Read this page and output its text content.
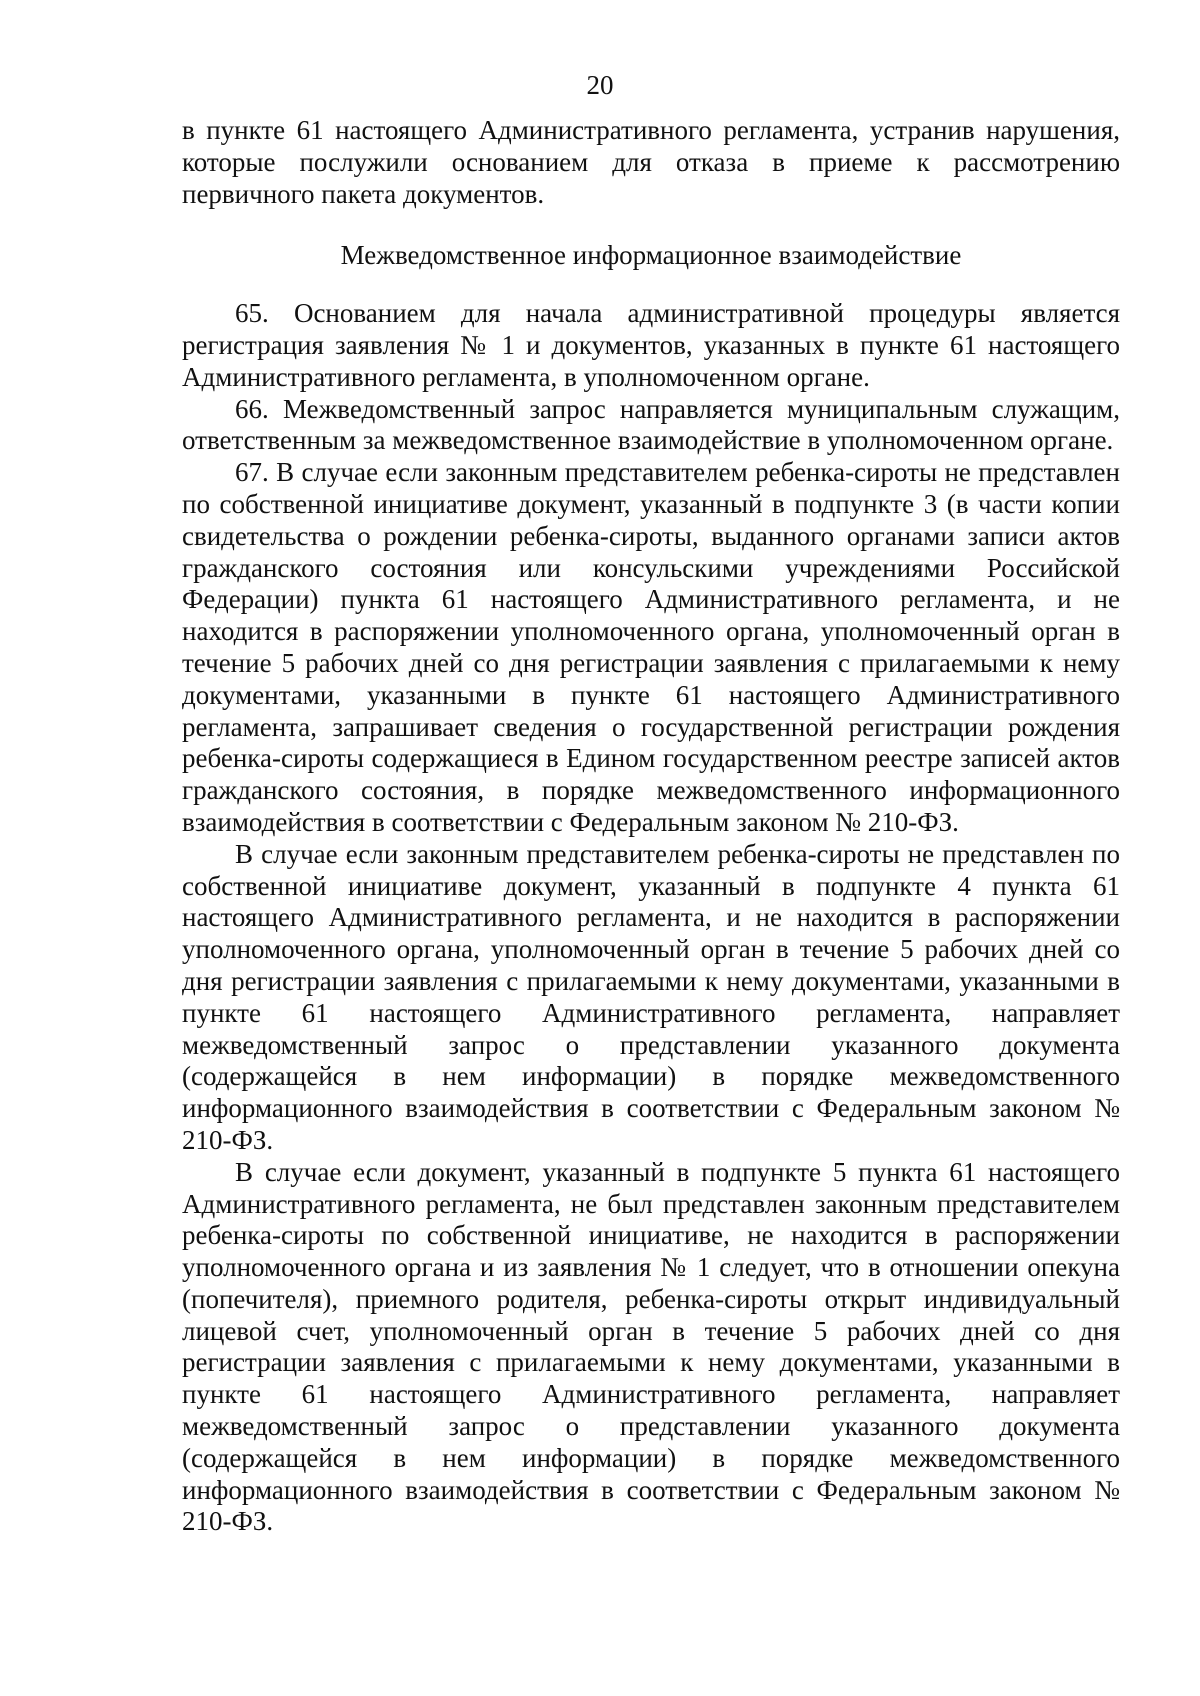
20

в пункте 61 настоящего Административного регламента, устранив нарушения, которые послужили основанием для отказа в приеме к рассмотрению первичного пакета документов.

Межведомственное информационное взаимодействие

65. Основанием для начала административной процедуры является регистрация заявления № 1 и документов, указанных в пункте 61 настоящего Административного регламента, в уполномоченном органе.

66. Межведомственный запрос направляется муниципальным служащим, ответственным за межведомственное взаимодействие в уполномоченном органе.

67. В случае если законным представителем ребенка-сироты не представлен по собственной инициативе документ, указанный в подпункте 3 (в части копии свидетельства о рождении ребенка-сироты, выданного органами записи актов гражданского состояния или консульскими учреждениями Российской Федерации) пункта 61 настоящего Административного регламента, и не находится в распоряжении уполномоченного органа, уполномоченный орган в течение 5 рабочих дней со дня регистрации заявления с прилагаемыми к нему документами, указанными в пункте 61 настоящего Административного регламента, запрашивает сведения о государственной регистрации рождения ребенка-сироты содержащиеся в Едином государственном реестре записей актов гражданского состояния, в порядке межведомственного информационного взаимодействия в соответствии с Федеральным законом № 210-ФЗ.

В случае если законным представителем ребенка-сироты не представлен по собственной инициативе документ, указанный в подпункте 4 пункта 61 настоящего Административного регламента, и не находится в распоряжении уполномоченного органа, уполномоченный орган в течение 5 рабочих дней со дня регистрации заявления с прилагаемыми к нему документами, указанными в пункте 61 настоящего Административного регламента, направляет межведомственный запрос о представлении указанного документа (содержащейся в нем информации) в порядке межведомственного информационного взаимодействия в соответствии с Федеральным законом № 210-ФЗ.

В случае если документ, указанный в подпункте 5 пункта 61 настоящего Административного регламента, не был представлен законным представителем ребенка-сироты по собственной инициативе, не находится в распоряжении уполномоченного органа и из заявления № 1 следует, что в отношении опекуна (попечителя), приемного родителя, ребенка-сироты открыт индивидуальный лицевой счет, уполномоченный орган в течение 5 рабочих дней со дня регистрации заявления с прилагаемыми к нему документами, указанными в пункте 61 настоящего Административного регламента, направляет межведомственный запрос о представлении указанного документа (содержащейся в нем информации) в порядке межведомственного информационного взаимодействия в соответствии с Федеральным законом № 210-ФЗ.
